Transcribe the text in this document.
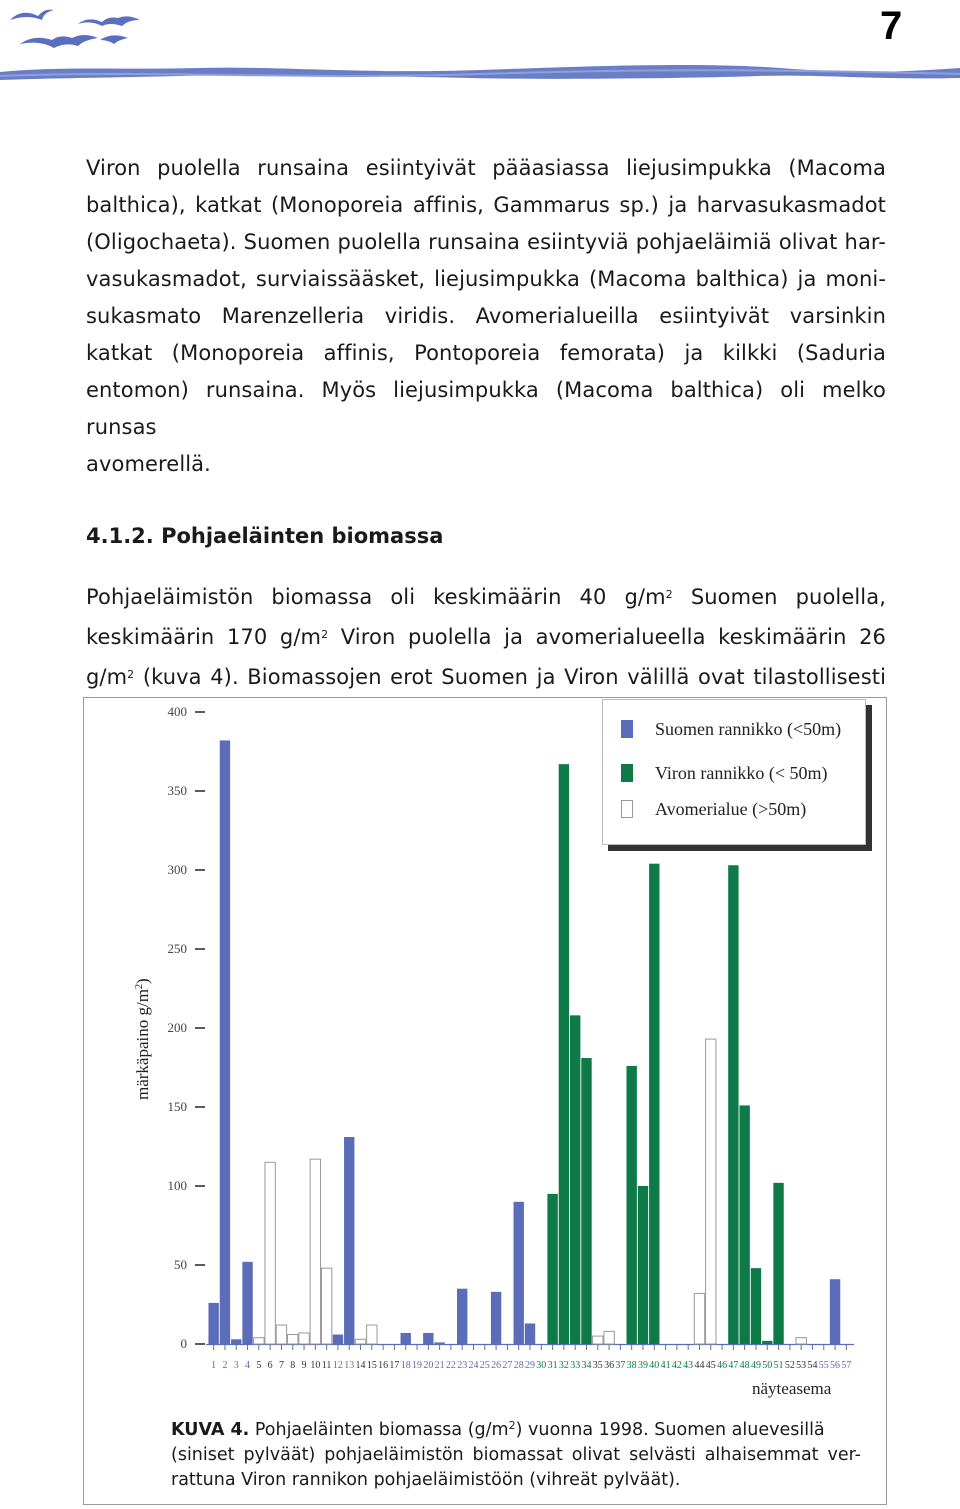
7
Viron puolella runsaina esiintyivät pääasiassa liejusimpukka (Macoma
balthica), katkat (Monoporeia affinis, Gammarus sp.) ja harvasukasmadot
(Oligochaeta). Suomen puolella runsaina esiintyviä pohjaeläimiä olivat har-
vasukasmadot, surviaissääsket, liejusimpukka (Macoma balthica) ja moni-
sukasmato Marenzelleria viridis. Avomerialueilla esiintyivät varsinkin
katkat (Monoporeia affinis, Pontoporeia femorata) ja kilkki (Saduria
entomon) runsaina. Myös liejusimpukka (Macoma balthica) oli melko runsas
avomerellä.
4.1.2. Pohjaeläinten biomassa
Pohjaeläimistön biomassa oli keskimäärin 40 $g/m^2$ Suomen puolella,
keskimäärin 170 $g/m^2$ Viron puolella ja avomerialueella keskimäärin 26
$g/m^2$ (kuva 4). Biomassojen erot Suomen ja Viron välillä ovat tilastollisesti
0
50
100
150
200
250
300
350
400
1 2 3 4 5 6 7 8 9 10 11 12 13 14 15 16 17 18 19 20 21 22 23 24 25 26 27 28 29 30 31 32 33 34 35 36 37 38 39 40 41 42 43 44 45 46 47 48 49 50 51 52 53 54 55 56 57
märkäpaino $g/m^2$)
näyteasema
Suomen rannikko (<50m)
Viron rannikko (< 50m)
Avomerialue (>50m)
KUVA 4. Pohjaeläinten biomassa $(g/m^2)$ vuonna 1998. Suomen aluevesillä
(siniset pylväät) pohjaeläimistön biomassat olivat selvästi alhaisemmat ver-
rattuna Viron rannikon pohjaeläimistöön (vihreät pylväät).
